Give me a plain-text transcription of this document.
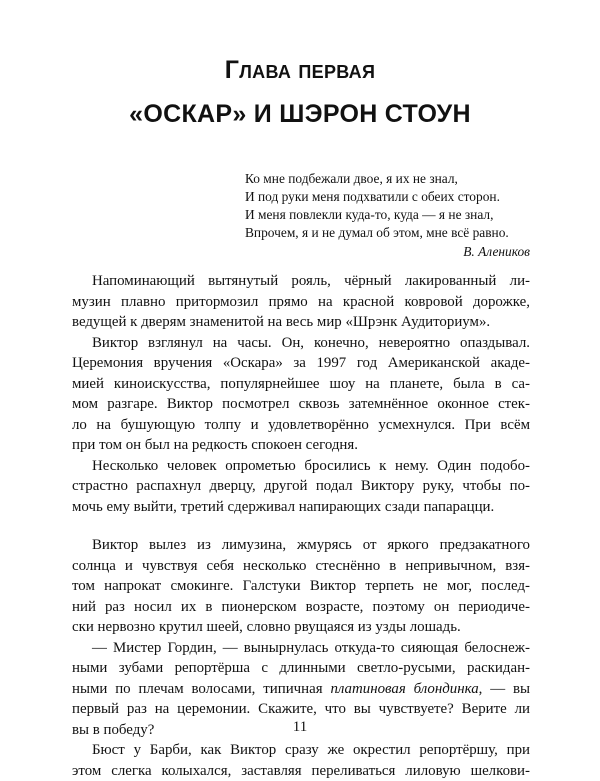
Глава первая
«ОСКАР» И ШЭРОН СТОУН
Ко мне подбежали двое, я их не знал,
И под руки меня подхватили с обеих сторон.
И меня повлекли куда-то, куда — я не знал,
Впрочем, я и не думал об этом, мне всё равно.
В. Алеников
Напоминающий вытянутый рояль, чёрный лакированный ли-
музин плавно притормозил прямо на красной ковровой дорожке,
ведущей к дверям знаменитой на весь мир «Шрэнк Аудиториум».
Виктор взглянул на часы. Он, конечно, невероятно опаздывал.
Церемония вручения «Оскара» за 1997 год Американской акаде-
мией киноискусства, популярнейшее шоу на планете, была в са-
мом разгаре. Виктор посмотрел сквозь затемнённое оконное стек-
ло на бушующую толпу и удовлетворённо усмехнулся. При всём
при том он был на редкость спокоен сегодня.
Несколько человек опрометью бросились к нему. Один подобо-
страстно распахнул дверцу, другой подал Виктору руку, чтобы по-
мочь ему выйти, третий сдерживал напирающих сзади папарацци.
Виктор вылез из лимузина, жмурясь от яркого предзакатного
солнца и чувствуя себя несколько стеснённо в непривычном, взя-
том напрокат смокинге. Галстуки Виктор терпеть не мог, послед-
ний раз носил их в пионерском возрасте, поэтому он периодиче-
ски нервозно крутил шеей, словно рвущаяся из узды лошадь.
— Мистер Гордин, — вынырнулась откуда-то сияющая белоснеж-
ными зубами репортёрша с длинными светло-русыми, раскидан-
ными по плечам волосами, типичная платиновая блондинка, — вы
первый раз на церемонии. Скажите, что вы чувствуете? Верите ли
вы в победу?
Бюст у Барби, как Виктор сразу же окрестил репортёршу, при
этом слегка колыхался, заставляя переливаться лиловую шелкови-
11
